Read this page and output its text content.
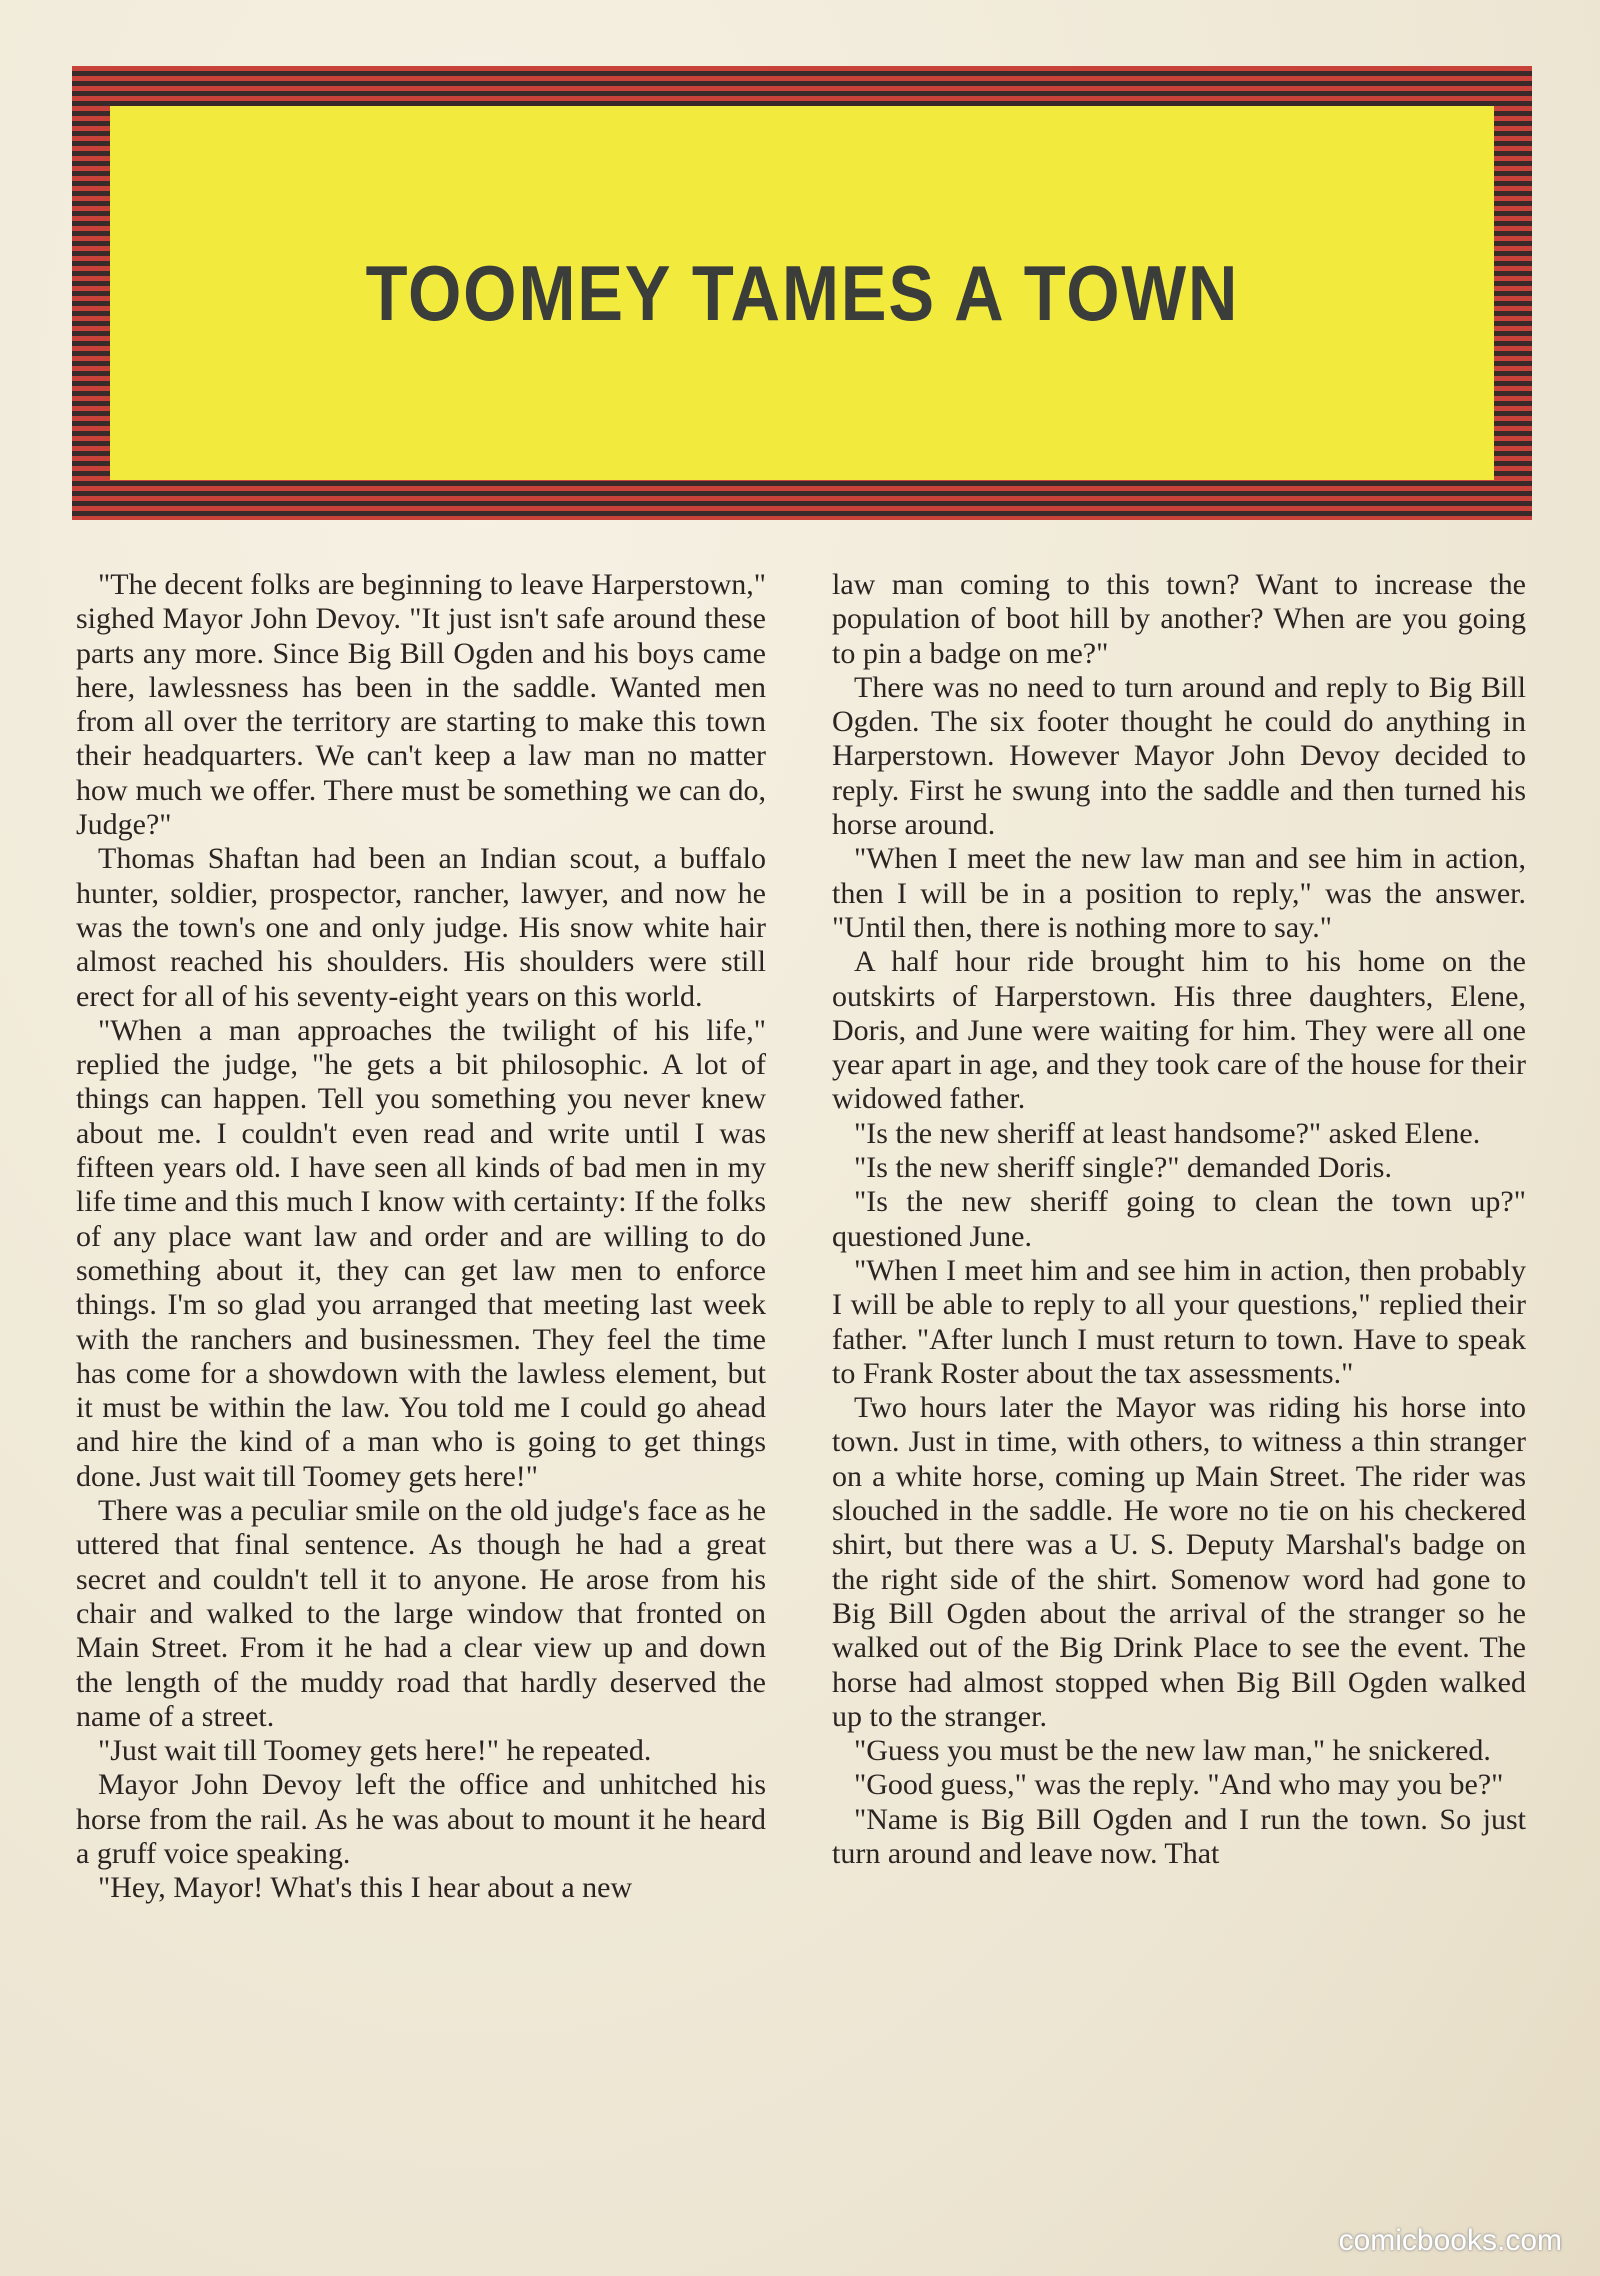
TOOMEY TAMES A TOWN

"The decent folks are beginning to leave Harperstown," sighed Mayor John Devoy. "It just isn't safe around these parts any more. Since Big Bill Ogden and his boys came here, lawlessness has been in the saddle. Wanted men from all over the territory are starting to make this town their headquarters. We can't keep a law man no matter how much we offer. There must be something we can do, Judge?"

Thomas Shaftan had been an Indian scout, a buffalo hunter, soldier, prospector, rancher, lawyer, and now he was the town's one and only judge. His snow white hair almost reached his shoulders. His shoulders were still erect for all of his seventy-eight years on this world.

"When a man approaches the twilight of his life," replied the judge, "he gets a bit philosophic. A lot of things can happen. Tell you something you never knew about me. I couldn't even read and write until I was fifteen years old. I have seen all kinds of bad men in my life time and this much I know with certainty: If the folks of any place want law and order and are willing to do something about it, they can get law men to enforce things. I'm so glad you arranged that meeting last week with the ranchers and businessmen. They feel the time has come for a showdown with the lawless element, but it must be within the law. You told me I could go ahead and hire the kind of a man who is going to get things done. Just wait till Toomey gets here!"

There was a peculiar smile on the old judge's face as he uttered that final sentence. As though he had a great secret and couldn't tell it to anyone. He arose from his chair and walked to the large window that fronted on Main Street. From it he had a clear view up and down the length of the muddy road that hardly deserved the name of a street.

"Just wait till Toomey gets here!" he repeated.

Mayor John Devoy left the office and unhitched his horse from the rail. As he was about to mount it he heard a gruff voice speaking.

"Hey, Mayor! What's this I hear about a new

law man coming to this town? Want to increase the population of boot hill by another? When are you going to pin a badge on me?"

There was no need to turn around and reply to Big Bill Ogden. The six footer thought he could do anything in Harperstown. However Mayor John Devoy decided to reply. First he swung into the saddle and then turned his horse around.

"When I meet the new law man and see him in action, then I will be in a position to reply," was the answer. "Until then, there is nothing more to say."

A half hour ride brought him to his home on the outskirts of Harperstown. His three daughters, Elene, Doris, and June were waiting for him. They were all one year apart in age, and they took care of the house for their widowed father.

"Is the new sheriff at least handsome?" asked Elene.

"Is the new sheriff single?" demanded Doris.

"Is the new sheriff going to clean the town up?" questioned June.

"When I meet him and see him in action, then probably I will be able to reply to all your questions," replied their father. "After lunch I must return to town. Have to speak to Frank Roster about the tax assessments."

Two hours later the Mayor was riding his horse into town. Just in time, with others, to witness a thin stranger on a white horse, coming up Main Street. The rider was slouched in the saddle. He wore no tie on his checkered shirt, but there was a U. S. Deputy Marshal's badge on the right side of the shirt. Somenow word had gone to Big Bill Ogden about the arrival of the stranger so he walked out of the Big Drink Place to see the event. The horse had almost stopped when Big Bill Ogden walked up to the stranger.

"Guess you must be the new law man," he snickered.

"Good guess," was the reply. "And who may you be?"

"Name is Big Bill Ogden and I run the town. So just turn around and leave now. That

comicbooks.com
